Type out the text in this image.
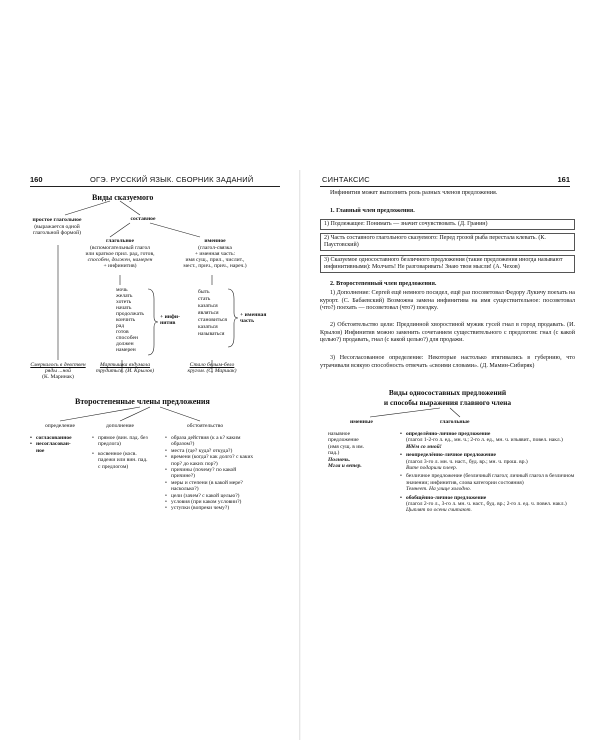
160	ОГЭ. РУССКИЙ ЯЗЫК. СБОРНИК ЗАДАНИЙ
Виды сказуемого
простое глагольное
(выражается одной
глагольной формой)
составное
глагольное
(вспомогательный глагол
или краткое прил. рад, готов,
способен, должен, намерен
+ инфинитив)
именное
(глагол-связка
+ именная часть:
имя сущ., прил., числит.,
мест., прич., прич., нареч.)
мочь
желать
хотеть
начать
продолжать
кончить
рад
готов
способен
должен
намерен
+ инфи-нитив
быть
стать
казаться
являться
становиться
казаться
называться
+ именная часть
Смеркалось в девствен
ряды ...ной
(К. Маринак)
Мартышка вздумала
трудиться. (И. Крылов)
Стало белым-бело
кругом. (С. Маршак)
Второстепенные члены предложения
определение
• согласованное
• несогласован-ное
дополнение
• прямое (вин. пад. без предлога)
• косвенное (косв. падежи или вин. пад. с предлогом)
обстоятельство
• образа действия (к а к? каким образом?)
• места (где? куда? откуда?)
• времени (когда? как долго? с каких пор? до каких пор?)
• причины (почему? по какой причине?)
• меры и степени (в какой мере? насколько?)
• цели (зачем? с какой целью?)
• условия (при каком условии?)
• уступки (вопреки чему?)
СИНТАКСИС	161

Инфинитив может выполнять роль разных членов предложения.

1. Главный член предложения.
1) Подлежащее: Понимать — значит сочувствовать. (Д. Гранин)
2) Часть составного глагольного сказуемого: Перед грозой рыба перестала клевать. (К. Паустовский)
3) Сказуемое односоставного безличного предложения (такие предложения иногда называют инфинитивными): Молчать! Не разговаривать! Знаю твои мысли! (А. Чехов)
2. Второстепенный член предложения.

1) Дополнение: Сергей ещё немного посидел, ещё раз посоветовал Федору Лукичу поехать на курорт. (С. Бабаевский) Возможна замена инфинитива на имя существительное: посоветовал (что?) поехать — посоветовал (что?) поездку.

2) Обстоятельство цели: Предлинной хворостиной мужик гусей гнал в город продавать. (И. Крылов) Инфинитив можно заменить сочетанием существительного с предлогом: гнал (с какой целью?) продавать, гнал (с какой целью?) для продажи.

3) Несогласованное определение: Некоторые настолько втягивались в губернию, что утрачивали всякую способность отвечать «своими словами». (Д. Мамин-Сибиряк)

Виды односоставных предложений
и способы выражения главного члена
именные	глагольные
назывное
предложение
(имя сущ. в им.
пад.)
Полночь.
Мгла и ветер.
• определённо-личное предложение
(глагол 1-2-го л. ед., мн. ч.; 2-го л. ед., мн. ч. изъявит., повел. накл.)
Идём со мной!
• неопределённо-личное предложение
(глагол 3-го л. мн. ч. наст., буд. вр.; мн. ч. прош. вр.)
Вите подарили плеер.
• безличное предложение (безличный глагол; личный глагол в безличном значении; инфинитив, слова категории состояния)
Темнеет. На улице холодно.
• обобщённо-личное предложение
(глагол 2-го л., 3-го л. мн. ч. наст., буд. вр.; 2-го л. ед. ч. повел. накл.)
Цыплят по осени считают.
